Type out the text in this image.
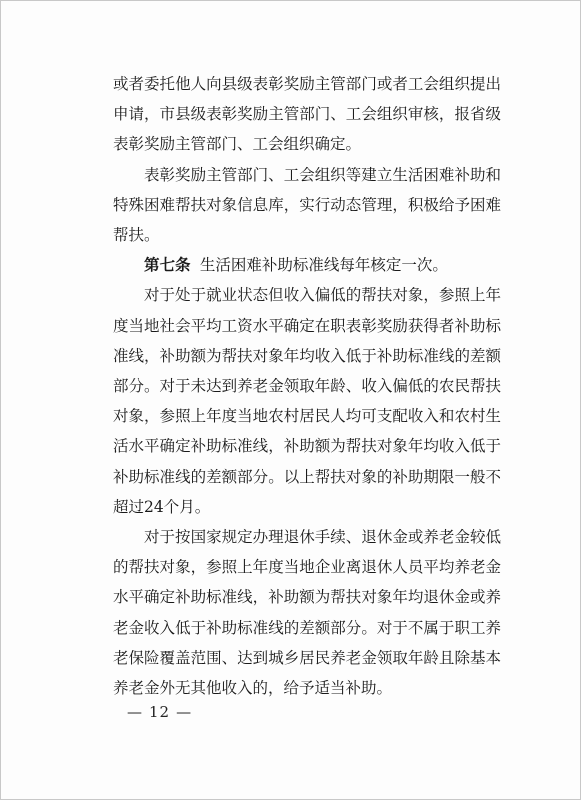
或者委托他人向县级表彰奖励主管部门或者工会组织提出申请，市县级表彰奖励主管部门、工会组织审核，报省级表彰奖励主管部门、工会组织确定。

表彰奖励主管部门、工会组织等建立生活困难补助和特殊困难帮扶对象信息库，实行动态管理，积极给予困难帮扶。

第七条 生活困难补助标准线每年核定一次。

对于处于就业状态但收入偏低的帮扶对象，参照上年度当地社会平均工资水平确定在职表彰奖励获得者补助标准线，补助额为帮扶对象年均收入低于补助标准线的差额部分。对于未达到养老金领取年龄、收入偏低的农民帮扶对象，参照上年度当地农村居民人均可支配收入和农村生活水平确定补助标准线，补助额为帮扶对象年均收入低于补助标准线的差额部分。以上帮扶对象的补助期限一般不超过24个月。

对于按国家规定办理退休手续、退休金或养老金较低的帮扶对象，参照上年度当地企业离退休人员平均养老金水平确定补助标准线，补助额为帮扶对象年均退休金或养老金收入低于补助标准线的差额部分。对于不属于职工养老保险覆盖范围、达到城乡居民养老金领取年龄且除基本养老金外无其他收入的，给予适当补助。

— 12 —
